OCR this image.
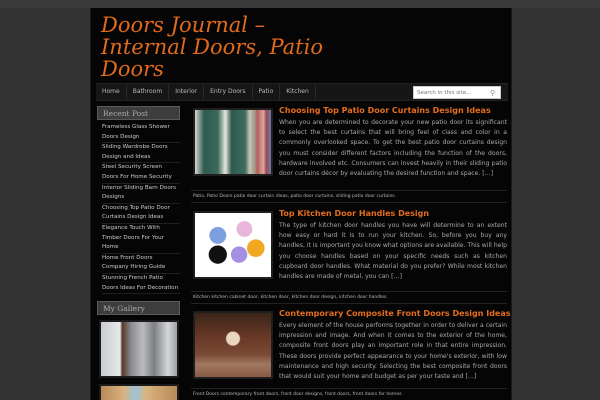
Doors Journal – Internal Doors, Patio Doors
Home	Bathroom	Interior	Entry Doors	Patio	Kitchen
Search in this site...	⚲
Recent Post
Frameless Glass Shower Doors Design
Sliding Wardrobe Doors Design and Ideas
Steel Security Screen Doors For Home Security
Interior Sliding Barn Doors Designs
Choosing Top Patio Door Curtains Design Ideas
Elegance Touch With Timber Doors For Your Home
Home Front Doors Company Hiring Guide
Stunning French Patio Doors Ideas For Decoration
My Gallery
Choosing Top Patio Door Curtains Design Ideas
When you are determined to decorate your new patio door its significant to select the best curtains that will bring feel of class and color in a commonly overlooked space. To get the best patio door curtains design you must consider different factors including the function of the doors, hardware involved etc. Consumers can invest heavily in their sliding patio door curtains décor by evaluating the desired function and space. […]
Patio, Patio Doors patio door curtain ideas, patio door curtains, sliding patio door curtains.
Top Kitchen Door Handles Design
The type of kitchen door handles you have will determine to an extent how easy or hard it is to run your kitchen. So, before you buy any handles, it is important you know what options are available. This will help you choose handles based on your specific needs such as kitchen cupboard door handles. What material do you prefer? While most kitchen handles are made of metal, you can […]
Kitchen kitchen cabinet door, kitchen door, kitchen door design, kitchen door handles.
Contemporary Composite Front Doors Design Ideas
Every element of the house performs together in order to deliver a certain impression and image. And when it comes to the exterior of the home, composite front doors play an important role in that entire impression. These doors provide perfect appearance to your home's exterior, with low maintenance and high security. Selecting the best composite front doors that would suit your home and budget as per your taste and […]
Front Doors contemporary front doors, front door designs, front doors, front doors for homes.
